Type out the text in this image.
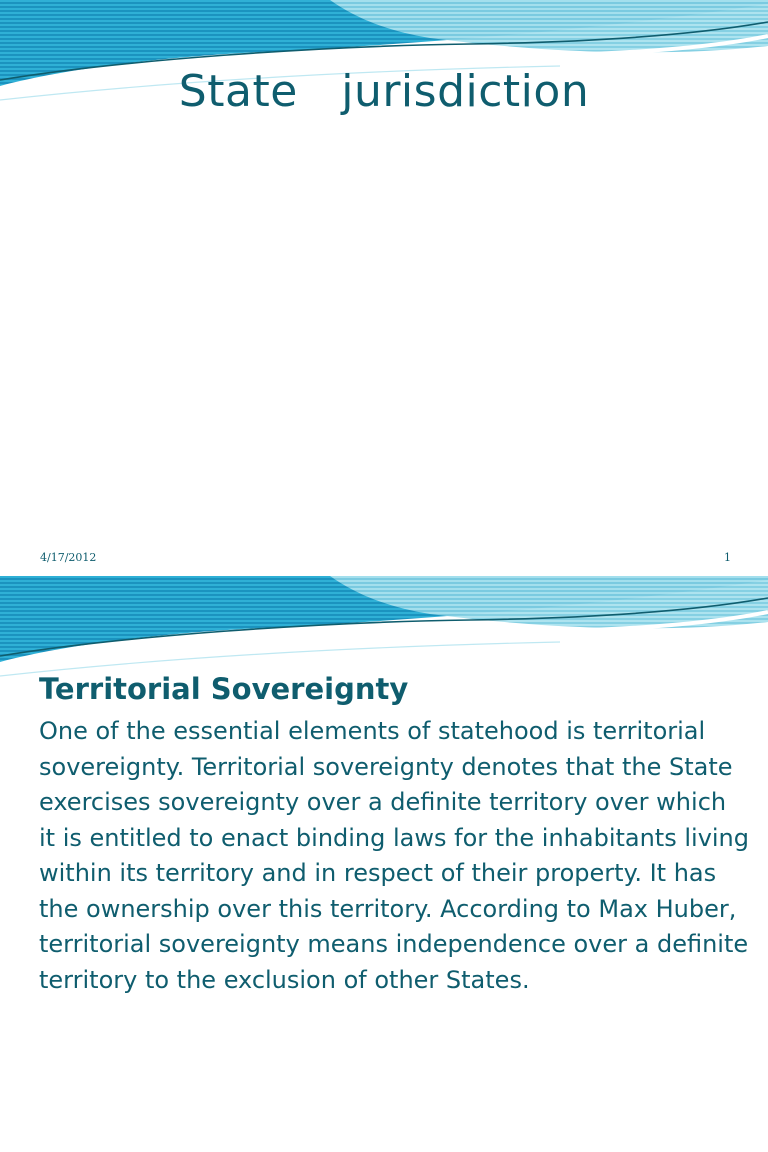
State   jurisdiction
4/17/2012	1
Territorial Sovereignty
One of the essential elements of statehood is territorial sovereignty. Territorial sovereignty denotes that the State exercises sovereignty over a definite territory over which it is entitled to enact binding laws for the inhabitants living within its territory and in respect of their property. It has the ownership over this territory. According to Max Huber, territorial sovereignty means independence over a definite territory to the exclusion of other States.
